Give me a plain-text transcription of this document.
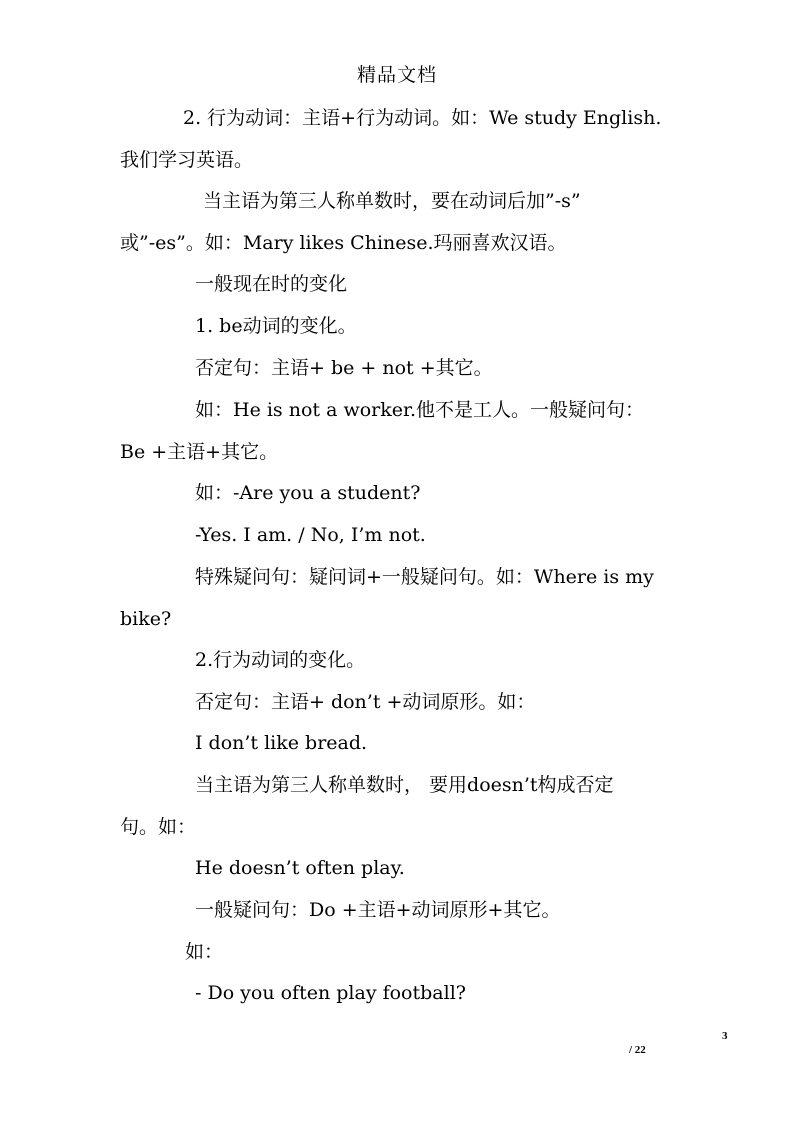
精品文档
2. 行为动词：主语+行为动词。如：We study English.
我们学习英语。
当主语为第三人称单数时，要在动词后加”-s”
或”-es”。如：Mary likes Chinese.玛丽喜欢汉语。
一般现在时的变化
1. be动词的变化。
否定句：主语+ be + not +其它。
如：He is not a worker.他不是工人。一般疑问句：
Be +主语+其它。
如：-Are you a student?
-Yes. I am. / No, I’m not.
特殊疑问句：疑问词+一般疑问句。如：Where is my
bike?
2.行为动词的变化。
否定句：主语+ don’t +动词原形。如：
I don’t like bread.
当主语为第三人称单数时， 要用doesn’t构成否定
句。如：
He doesn’t often play.
一般疑问句：Do +主语+动词原形+其它。
如：
- Do you often play football?
3
/ 22
